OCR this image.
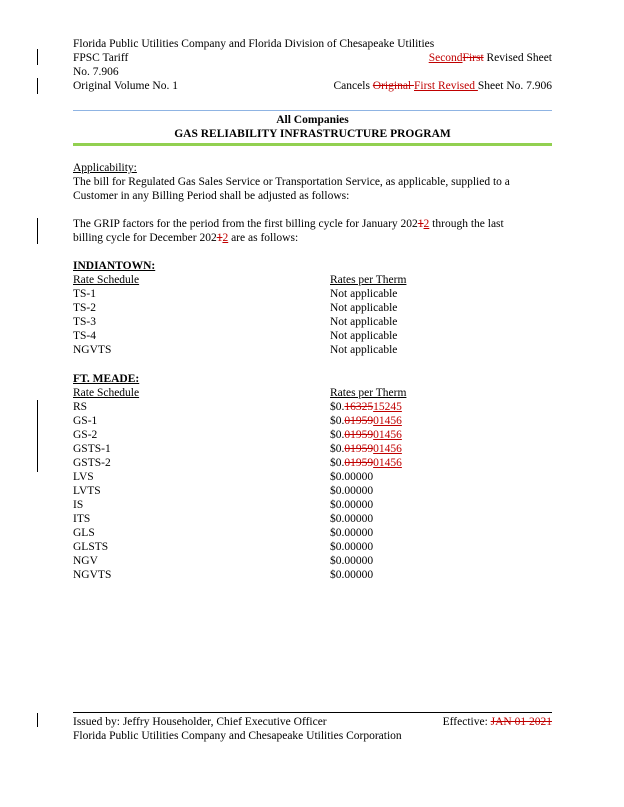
Florida Public Utilities Company and Florida Division of Chesapeake Utilities
FPSC Tariff	SecondFirst Revised Sheet
No. 7.906
Original Volume No. 1	Cancels Original First Revised Sheet No. 7.906
All Companies
GAS RELIABILITY INFRASTRUCTURE PROGRAM
Applicability:
The bill for Regulated Gas Sales Service or Transportation Service, as applicable, supplied to a
Customer in any Billing Period shall be adjusted as follows:
The GRIP factors for the period from the first billing cycle for January 20212 through the last
billing cycle for December 20212 are as follows:
INDIANTOWN:
Rate Schedule	Rates per Therm
TS-1	Not applicable
TS-2	Not applicable
TS-3	Not applicable
TS-4	Not applicable
NGVTS	Not applicable
FT. MEADE:
Rate Schedule	Rates per Therm
RS	$0.1632515245
GS-1	$0.0195901456
GS-2	$0.0195901456
GSTS-1	$0.0195901456
GSTS-2	$0.0195901456
LVS	$0.00000
LVTS	$0.00000
IS	$0.00000
ITS	$0.00000
GLS	$0.00000
GLSTS	$0.00000
NGV	$0.00000
NGVTS	$0.00000
Issued by: Jeffry Householder, Chief Executive Officer	Effective: JAN 01 2021
Florida Public Utilities Company and Chesapeake Utilities Corporation
